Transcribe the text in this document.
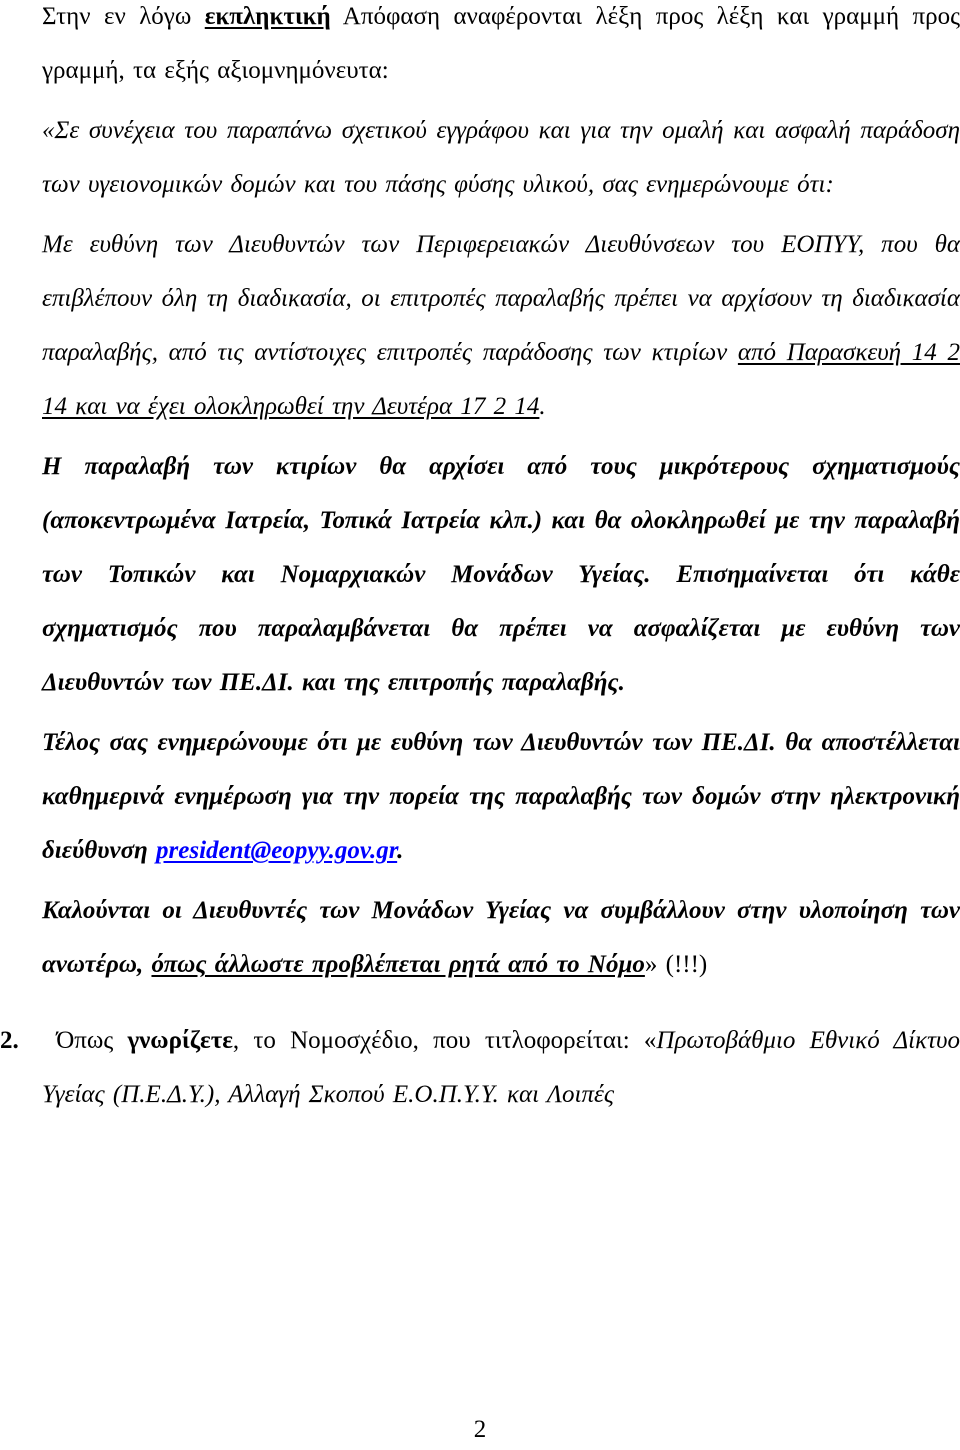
Στην εν λόγω εκπληκτική Απόφαση αναφέρονται λέξη προς λέξη και γραμμή προς γραμμή, τα εξής αξιομνημόνευτα:

«Σε συνέχεια του παραπάνω σχετικού εγγράφου και για την ομαλή και ασφαλή παράδοση των υγειονομικών δομών και του πάσης φύσης υλικού, σας ενημερώνουμε ότι:

Με ευθύνη των Διευθυντών των Περιφερειακών Διευθύνσεων του ΕΟΠΥΥ, που θα επιβλέπουν όλη τη διαδικασία, οι επιτροπές παραλαβής πρέπει να αρχίσουν τη διαδικασία παραλαβής, από τις αντίστοιχες επιτροπές παράδοσης των κτιρίων από Παρασκευή 14 2 14 και να έχει ολοκληρωθεί την Δευτέρα 17 2 14.

Η παραλαβή των κτιρίων θα αρχίσει από τους μικρότερους σχηματισμούς (αποκεντρωμένα Ιατρεία, Τοπικά Ιατρεία κλπ.) και θα ολοκληρωθεί με την παραλαβή των Τοπικών και Νομαρχιακών Μονάδων Υγείας. Επισημαίνεται ότι κάθε σχηματισμός που παραλαμβάνεται θα πρέπει να ασφαλίζεται με ευθύνη των Διευθυντών των ΠΕ.ΔΙ. και της επιτροπής παραλαβής.

Τέλος σας ενημερώνουμε ότι με ευθύνη των Διευθυντών των ΠΕ.ΔΙ. θα αποστέλλεται καθημερινά ενημέρωση για την πορεία της παραλαβής των δομών στην ηλεκτρονική διεύθυνση president@eopyy.gov.gr.

Καλούνται οι Διευθυντές των Μονάδων Υγείας να συμβάλλουν στην υλοποίηση των ανωτέρω, όπως άλλωστε προβλέπεται ρητά από το Νόμο» (!!!)

2. Όπως γνωρίζετε, το Νομοσχέδιο, που τιτλοφορείται: «Πρωτοβάθμιο Εθνικό Δίκτυο Υγείας (Π.Ε.Δ.Υ.), Αλλαγή Σκοπού Ε.Ο.Π.Υ.Υ. και Λοιπές

2
